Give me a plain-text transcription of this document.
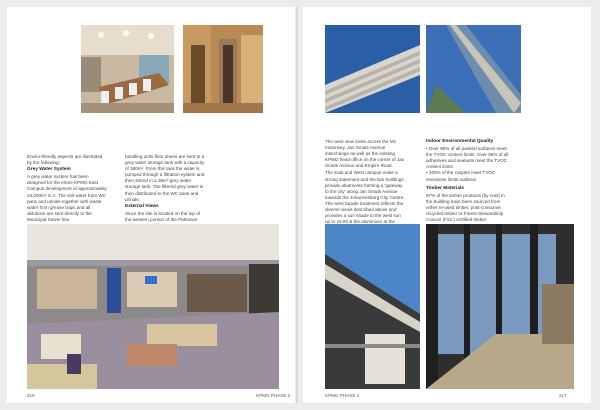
Enviro-friendly aspects are illustrated by the following:

Grey Water System

A grey water system has been designed for the entire KPMG East Campus development of approximately 24,000m² G.A. The soil water from WC pans and urinals together with waste water from grease traps and all ablutions are sent directly to the Municipal Sewer line.

handling units floor drains are sent to a grey water storage tank with a capacity of 360m³. From this tank the water is pumped through a filtration system and then stored in a 36m³ grey water storage tank. The filtered grey water is then distributed to the WC pans and urinals.

External Views

Since the site is located on the top of the western portion of the Parktown

216	KPMG PHASE 2

The west view looks across the M1 motorway, Jan Smuts Avenue interchange as well as the existing KPMG head office on the corner of Jan Smuts Avenue and Empire Road.

The East and West campus make a strong statement and the two buildings provide abutments forming a 'gateway to the city' along Jan Smuts Avenue towards the Johannesburg City Centre. The west façade treatment reflects the diverse views described above and provides a sun shade to the west sun up to 16:00 & the aluminium at the

Indoor Environmental Quality

• Over 95% of all painted surfaces meet the TVOC content limits. Over 95% of all adhesives and sealants meet the TVOC content limits.
• 100% of the carpets meet TVOC emissions limits outlined.

Timber Materials

97% of the timber products (by cost) in the building have been sourced from either re-used timber, post-consumer recycled timber or Forest Stewardship Council (FSC) certified timber.

KPMG PHASE 2	217
